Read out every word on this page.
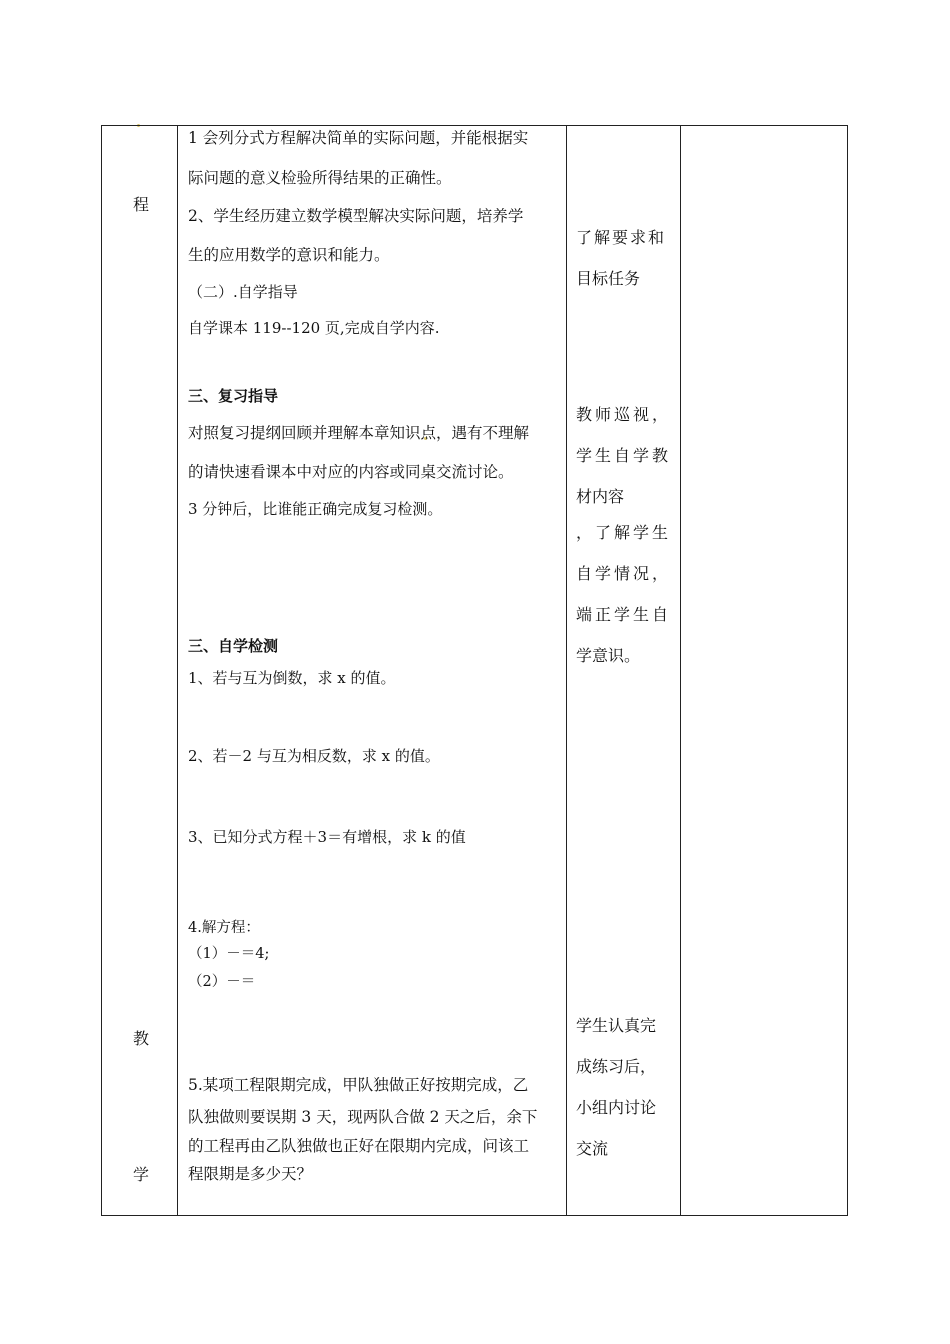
程
教
学
1 会列分式方程解决简单的实际问题，并能根据实
际问题的意义检验所得结果的正确性。
2、学生经历建立数学模型解决实际问题，培养学
生的应用数学的意识和能力。
（二）.自学指导
自学课本 119--120 页,完成自学内容.
三、复习指导
对照复习提纲回顾并理解本章知识点，遇有不理解
的请快速看课本中对应的内容或同桌交流讨论。
3 分钟后，比谁能正确完成复习检测。
三、自学检测
1、若与互为倒数，求 x 的值。
2、若－2 与互为相反数，求 x 的值。
3、已知分式方程＋3＝有增根，求 k 的值
4.解方程：
（1）－＝4;
（2）－＝
5.某项工程限期完成，甲队独做正好按期完成，乙
队独做则要误期 3 天，现两队合做 2 天之后，余下
的工程再由乙队独做也正好在限期内完成，问该工
程限期是多少天？
了解要求和
目标任务
教师巡视，
学生自学教
材内容
，了解学生
自学情况，
端正学生自
学意识。
学生认真完
成练习后，
小组内讨论
交流
